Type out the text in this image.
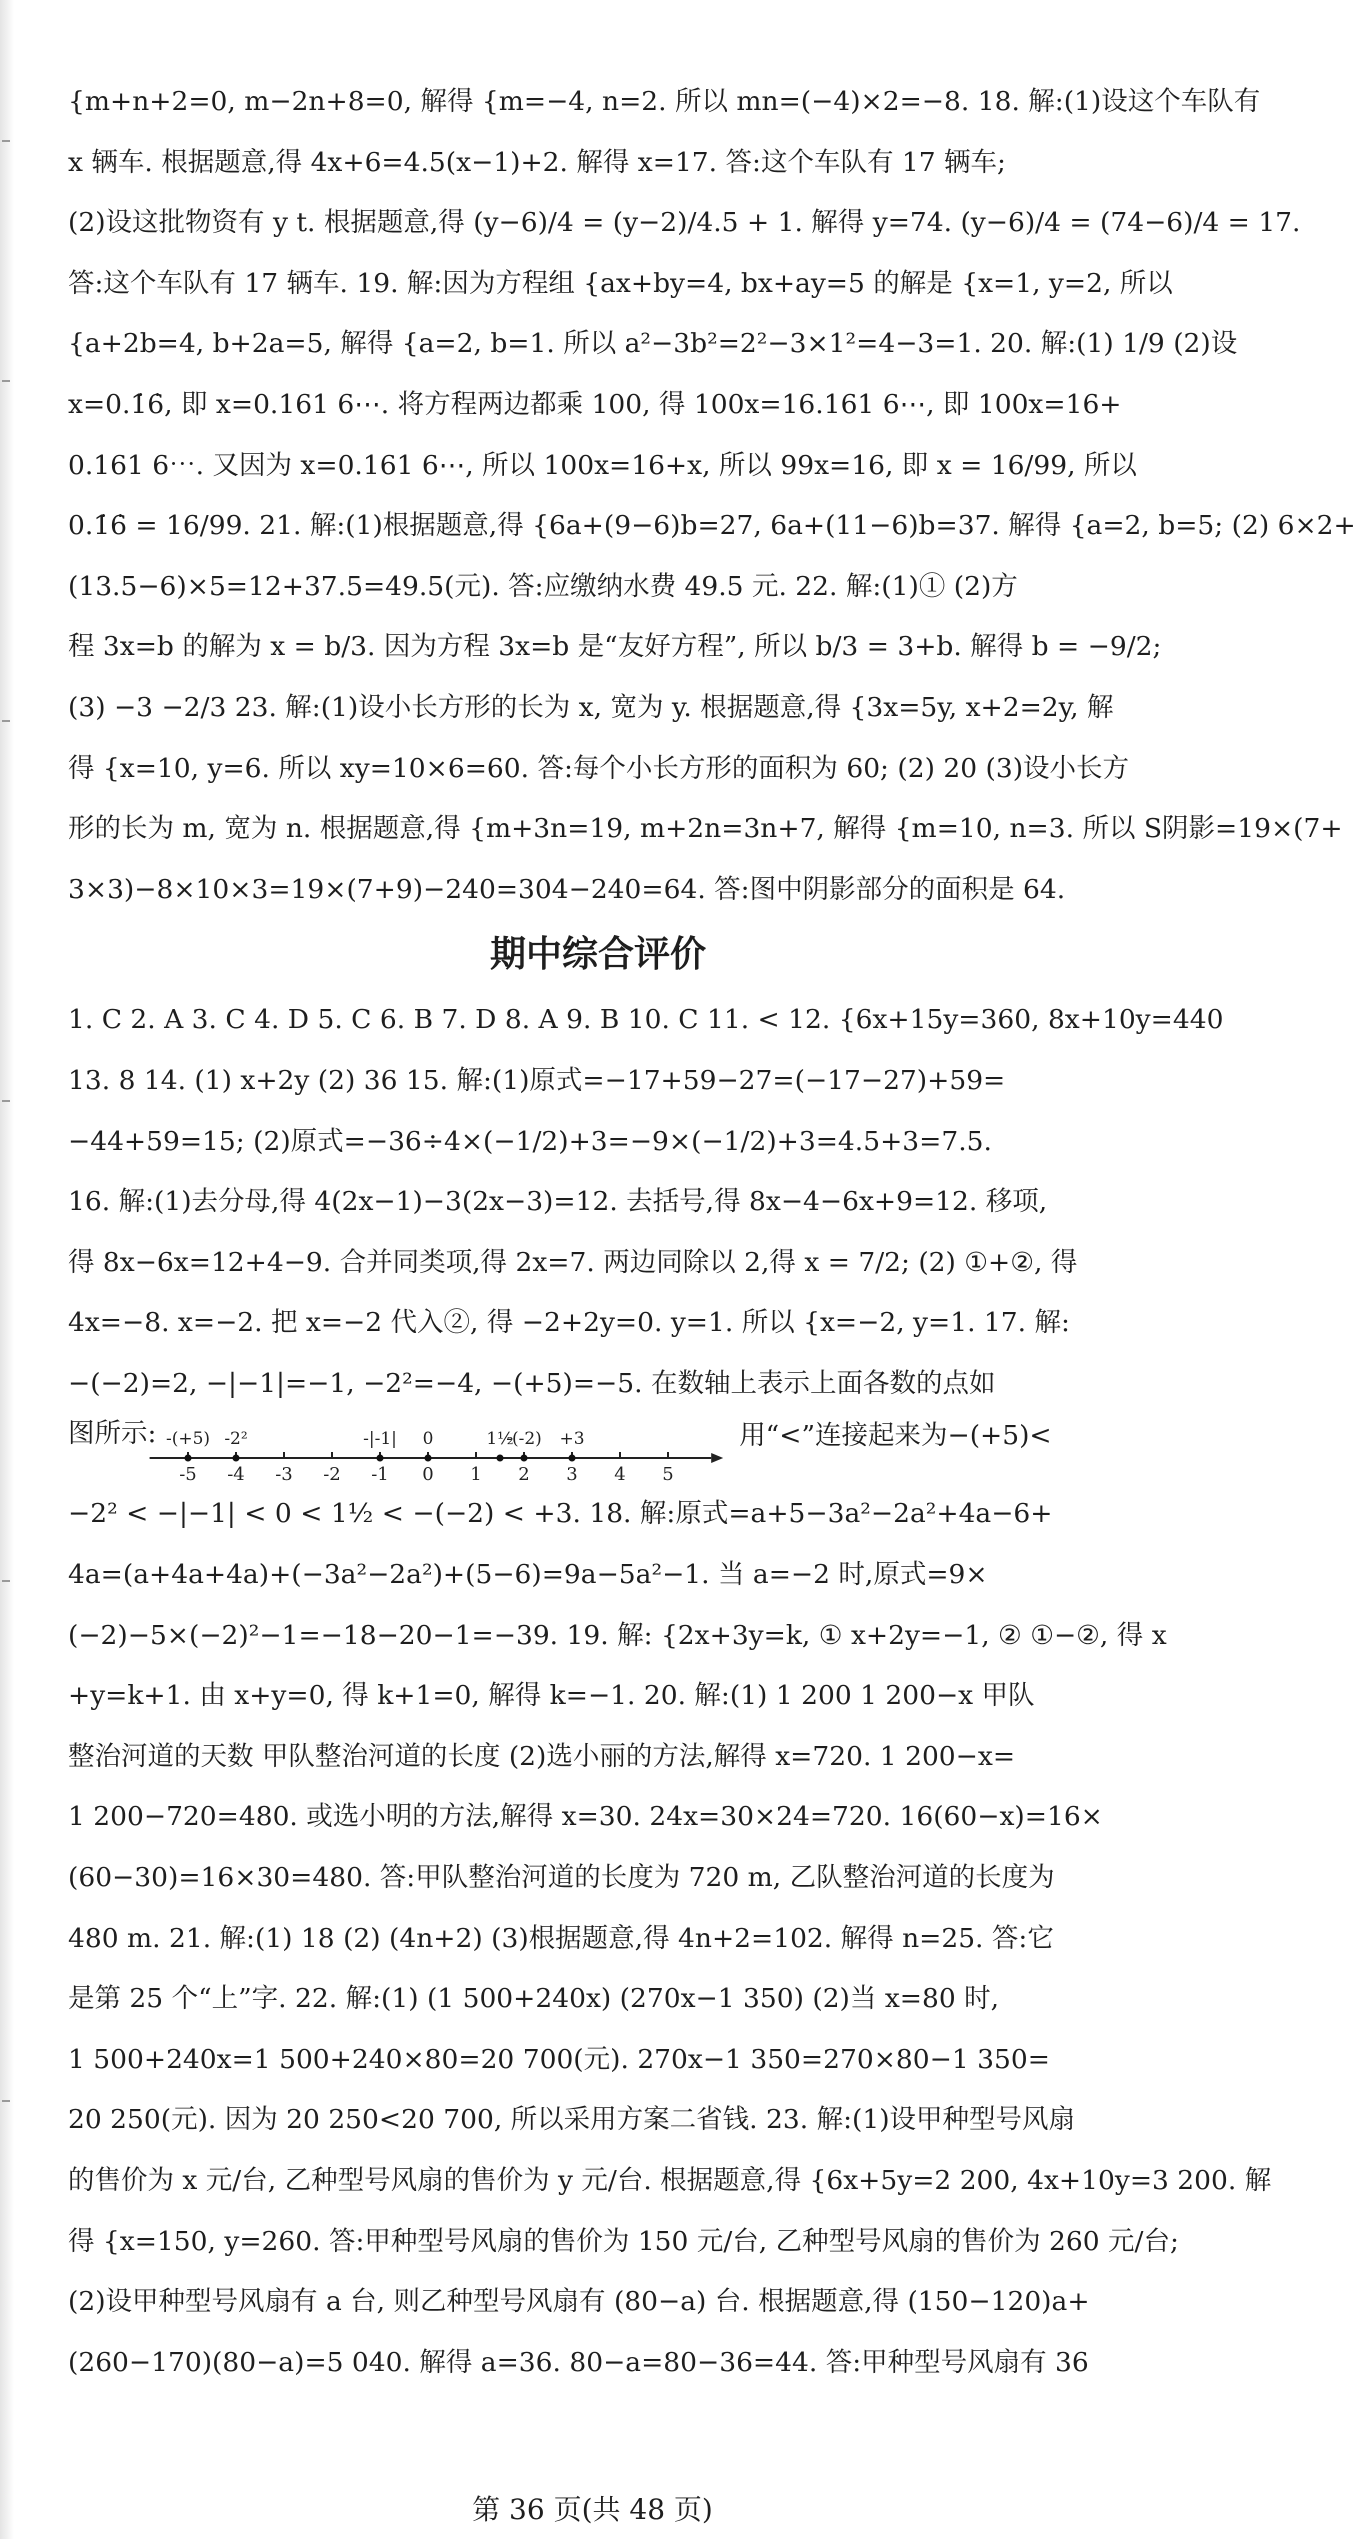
{m+n+2=0, m−2n+8=0, 解得 {m=−4, n=2. 所以 mn=(−4)×2=−8. 18. 解:(1)设这个车队有
x 辆车. 根据题意,得 4x+6=4.5(x−1)+2. 解得 x=17. 答:这个车队有 17 辆车;
(2)设这批物资有 y t. 根据题意,得 (y−6)/4 = (y−2)/4.5 + 1. 解得 y=74. (y−6)/4 = (74−6)/4 = 17.
答:这个车队有 17 辆车. 19. 解:因为方程组 {ax+by=4, bx+ay=5 的解是 {x=1, y=2, 所以
{a+2b=4, b+2a=5, 解得 {a=2, b=1. 所以 a²−3b²=2²−3×1²=4−3=1. 20. 解:(1) 1/9 (2)设
x=0.1̇6̇, 即 x=0.161 6⋯. 将方程两边都乘 100, 得 100x=16.161 6⋯, 即 100x=16+
0.161 6⋯. 又因为 x=0.161 6⋯, 所以 100x=16+x, 所以 99x=16, 即 x = 16/99, 所以
0.1̇6̇ = 16/99. 21. 解:(1)根据题意,得 {6a+(9−6)b=27, 6a+(11−6)b=37. 解得 {a=2, b=5; (2) 6×2+
(13.5−6)×5=12+37.5=49.5(元). 答:应缴纳水费 49.5 元. 22. 解:(1)① (2)方
程 3x=b 的解为 x = b/3. 因为方程 3x=b 是“友好方程”, 所以 b/3 = 3+b. 解得 b = −9/2;
(3) −3 −2/3 23. 解:(1)设小长方形的长为 x, 宽为 y. 根据题意,得 {3x=5y, x+2=2y, 解
得 {x=10, y=6. 所以 xy=10×6=60. 答:每个小长方形的面积为 60; (2) 20 (3)设小长方
形的长为 m, 宽为 n. 根据题意,得 {m+3n=19, m+2n=3n+7, 解得 {m=10, n=3. 所以 S阴影=19×(7+
3×3)−8×10×3=19×(7+9)−240=304−240=64. 答:图中阴影部分的面积是 64.
期中综合评价
1. C 2. A 3. C 4. D 5. C 6. B 7. D 8. A 9. B 10. C 11. < 12. {6x+15y=360, 8x+10y=440
13. 8 14. (1) x+2y (2) 36 15. 解:(1)原式=−17+59−27=(−17−27)+59=
−44+59=15; (2)原式=−36÷4×(−1/2)+3=−9×(−1/2)+3=4.5+3=7.5.
16. 解:(1)去分母,得 4(2x−1)−3(2x−3)=12. 去括号,得 8x−4−6x+9=12. 移项,
得 8x−6x=12+4−9. 合并同类项,得 2x=7. 两边同除以 2,得 x = 7/2; (2) ①+②, 得
4x=−8. x=−2. 把 x=−2 代入②, 得 −2+2y=0. y=1. 所以 {x=−2, y=1. 17. 解:
−(−2)=2, −|−1|=−1, −2²=−4, −(+5)=−5. 在数轴上表示上面各数的点如
图所示:
-5 -4 -3 -2 -1 0 1 2 3 4 5
-(+5) -2²	-|-1| 0	1½
-(-2) +3	用“<”连接起来为−(+5)<
−2² < −|−1| < 0 < 1½ < −(−2) < +3. 18. 解:原式=a+5−3a²−2a²+4a−6+
4a=(a+4a+4a)+(−3a²−2a²)+(5−6)=9a−5a²−1. 当 a=−2 时,原式=9×
(−2)−5×(−2)²−1=−18−20−1=−39. 19. 解: {2x+3y=k, ① x+2y=−1, ② ①−②, 得 x
+y=k+1. 由 x+y=0, 得 k+1=0, 解得 k=−1. 20. 解:(1) 1 200 1 200−x 甲队
整治河道的天数 甲队整治河道的长度 (2)选小丽的方法,解得 x=720. 1 200−x=
1 200−720=480. 或选小明的方法,解得 x=30. 24x=30×24=720. 16(60−x)=16×
(60−30)=16×30=480. 答:甲队整治河道的长度为 720 m, 乙队整治河道的长度为
480 m. 21. 解:(1) 18 (2) (4n+2) (3)根据题意,得 4n+2=102. 解得 n=25. 答:它
是第 25 个“上”字. 22. 解:(1) (1 500+240x) (270x−1 350) (2)当 x=80 时,
1 500+240x=1 500+240×80=20 700(元). 270x−1 350=270×80−1 350=
20 250(元). 因为 20 250<20 700, 所以采用方案二省钱. 23. 解:(1)设甲种型号风扇
的售价为 x 元/台, 乙种型号风扇的售价为 y 元/台. 根据题意,得 {6x+5y=2 200, 4x+10y=3 200. 解
得 {x=150, y=260. 答:甲种型号风扇的售价为 150 元/台, 乙种型号风扇的售价为 260 元/台;
(2)设甲种型号风扇有 a 台, 则乙种型号风扇有 (80−a) 台. 根据题意,得 (150−120)a+
(260−170)(80−a)=5 040. 解得 a=36. 80−a=80−36=44. 答:甲种型号风扇有 36
第 36 页(共 48 页)
